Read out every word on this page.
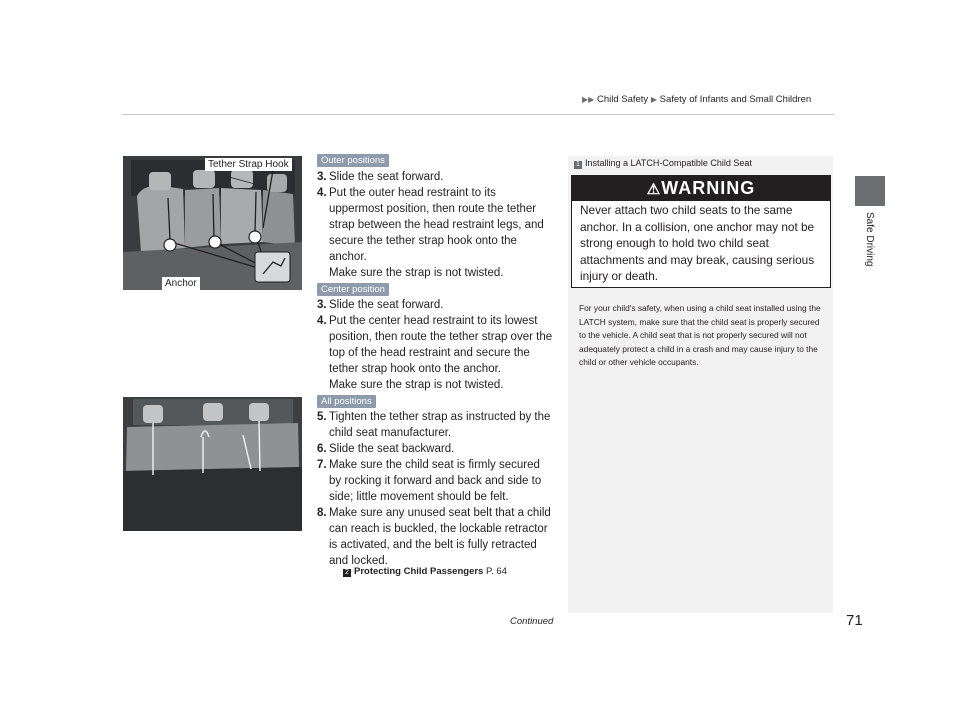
▶▶ Child Safety ▶ Safety of Infants and Small Children
Safe Driving
Tether Strap Hook
Anchor
Outer positions
3. Slide the seat forward.
4. Put the outer head restraint to its uppermost position, then route the tether strap between the head restraint legs, and secure the tether strap hook onto the anchor.
Make sure the strap is not twisted.
Center position
3. Slide the seat forward.
4. Put the center head restraint to its lowest position, then route the tether strap over the top of the head restraint and secure the tether strap hook onto the anchor.
Make sure the strap is not twisted.
All positions
5. Tighten the tether strap as instructed by the child seat manufacturer.
6. Slide the seat backward.
7. Make sure the child seat is firmly secured by rocking it forward and back and side to side; little movement should be felt.
8. Make sure any unused seat belt that a child can reach is buckled, the lockable retractor is activated, and the belt is fully retracted and locked.
2 Protecting Child Passengers P. 64
1 Installing a LATCH-Compatible Child Seat
⚠WARNING
Never attach two child seats to the same anchor. In a collision, one anchor may not be strong enough to hold two child seat attachments and may break, causing serious injury or death.
For your child's safety, when using a child seat installed using the LATCH system, make sure that the child seat is properly secured to the vehicle. A child seat that is not properly secured will not adequately protect a child in a crash and may cause injury to the child or other vehicle occupants.
Continued	71
